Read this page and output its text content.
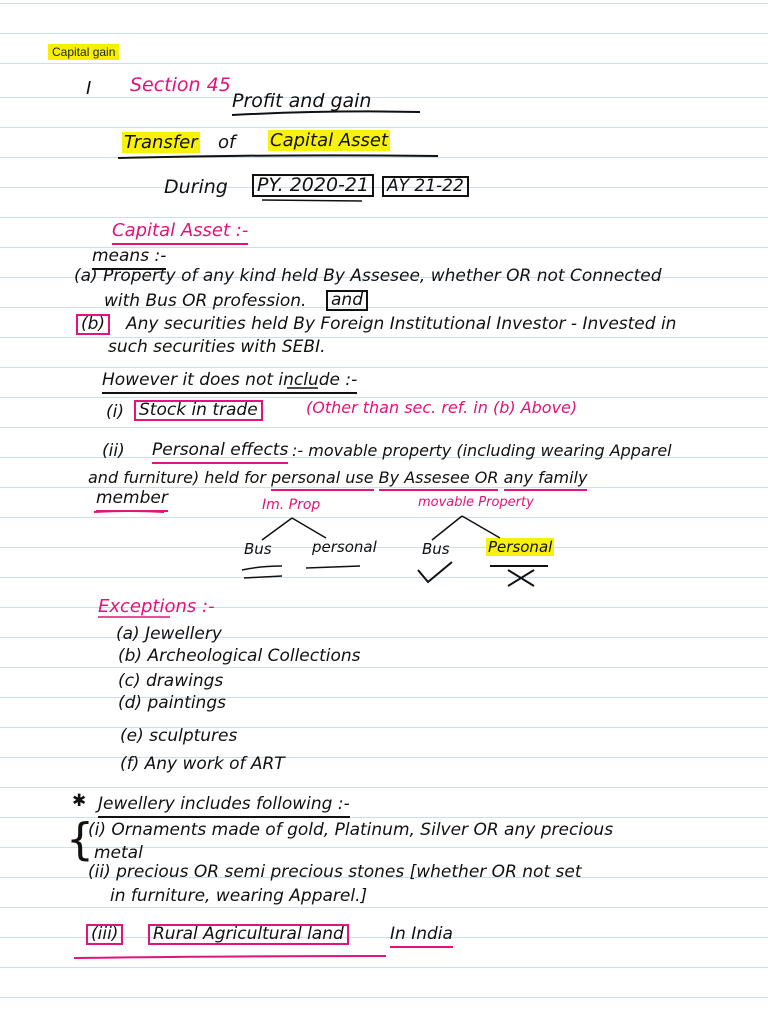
Capital gain
I Section 45
Profit and gain
Transfer of Capital Asset
During PY. 2020-21 AY 21-22
Capital Asset :-
means :-
(a) Property of any kind held By Assesee, whether OR not Connected
with Bus OR profession. and
(b) Any securities held By Foreign Institutional Investor - Invested in
such securities with SEBI.
However it does not include :-
(i) Stock in trade	(Other than sec. ref. in (b) Above)
(ii) Personal effects :- movable property (including wearing Apparel
and furniture) held for personal use By Assesee OR any family
member	Im. Prop	movable Property
Bus	personal	Bus	Personal
Exceptions :-
(a) Jewellery
(b) Archeological Collections
(c) drawings
(d) paintings
(e) sculptures
(f) Any work of ART
✱ Jewellery includes following :-
{
(i) Ornaments made of gold, Platinum, Silver OR any precious
metal
(ii) precious OR semi precious stones [whether OR not set
in furniture, wearing Apparel.]
(iii) Rural Agricultural land	In India
